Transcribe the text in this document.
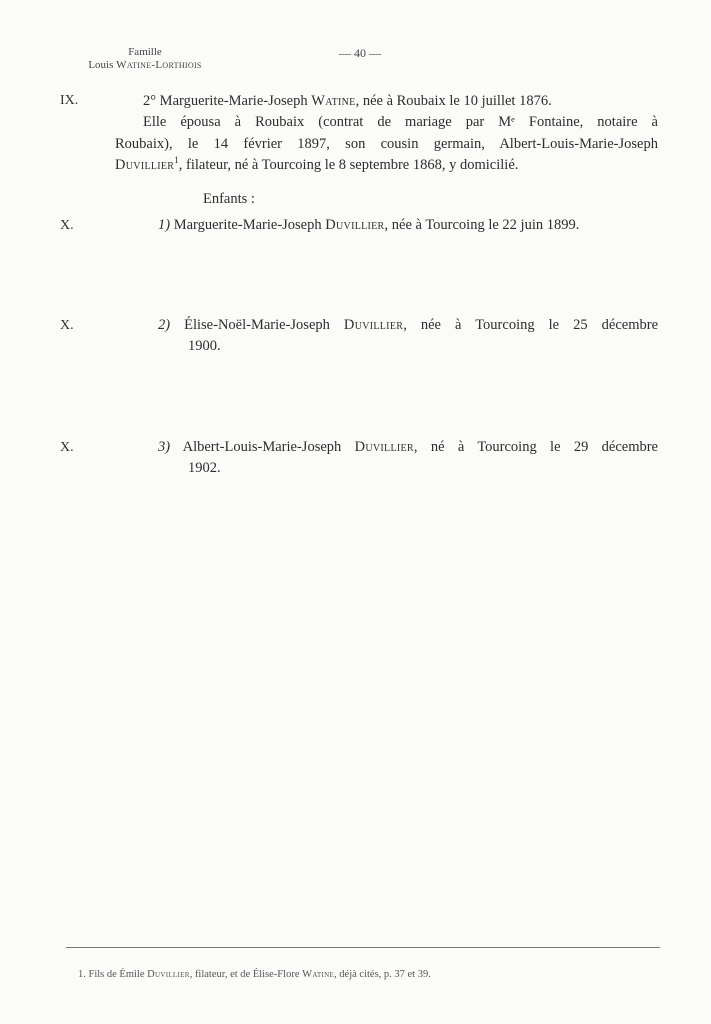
Famille
Louis Watine-Lorthiois
— 40 —
IX.	2° Marguerite-Marie-Joseph Watine, née à Roubaix le 10 juillet 1876.
Elle épousa à Roubaix (contrat de mariage par Mᵉ Fontaine, notaire à
Roubaix), le 14 février 1897, son cousin germain, Albert-Louis-Marie-Joseph
Duvillier$^1$, filateur, né à Tourcoing le 8 septembre 1868, y domicilié.
Enfants :
X.	1) Marguerite-Marie-Joseph Duvillier, née à Tourcoing le 22 juin 1899.
X.	2) Élise-Noël-Marie-Joseph Duvillier, née à Tourcoing le 25 décembre
1900.
X.	3) Albert-Louis-Marie-Joseph Duvillier, né à Tourcoing le 29 décembre
1902.
1. Fils de Émile Duvillier, filateur, et de Élise-Flore Watine, déjà cités, p. 37 et 39.
